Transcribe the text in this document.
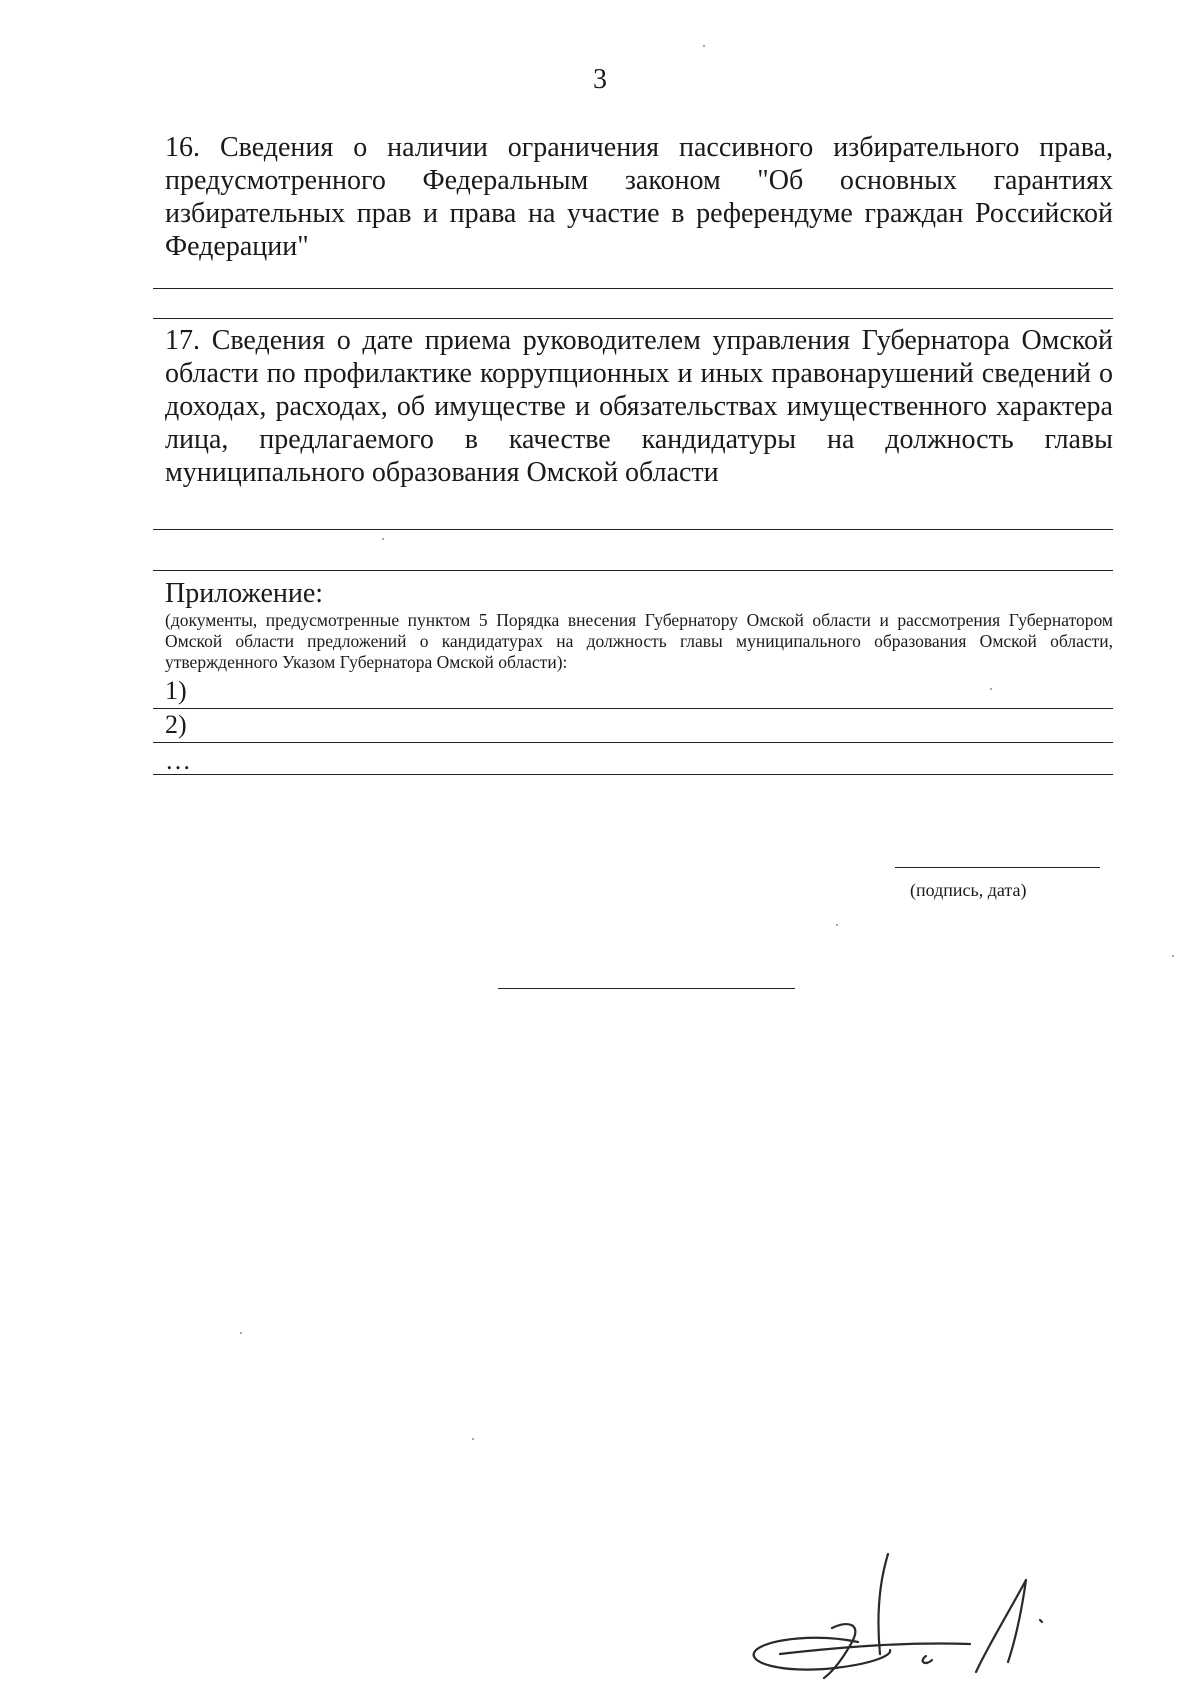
3
16. Сведения о наличии ограничения пассивного избирательного права, предусмотренного Федеральным законом "Об основных гарантиях избирательных прав и права на участие в референдуме граждан Российской Федерации"
17. Сведения о дате приема руководителем управления Губернатора Омской области по профилактике коррупционных и иных правонарушений сведений о доходах, расходах, об имуществе и обязательствах имущественного характера лица, предлагаемого в качестве кандидатуры на должность главы муниципального образования Омской области
Приложение:
(документы, предусмотренные пунктом 5 Порядка внесения Губернатору Омской области и рассмотрения Губернатором Омской области предложений о кандидатурах на должность главы муниципального образования Омской области, утвержденного Указом Губернатора Омской области):
1)
2)
…
(подпись, дата)
